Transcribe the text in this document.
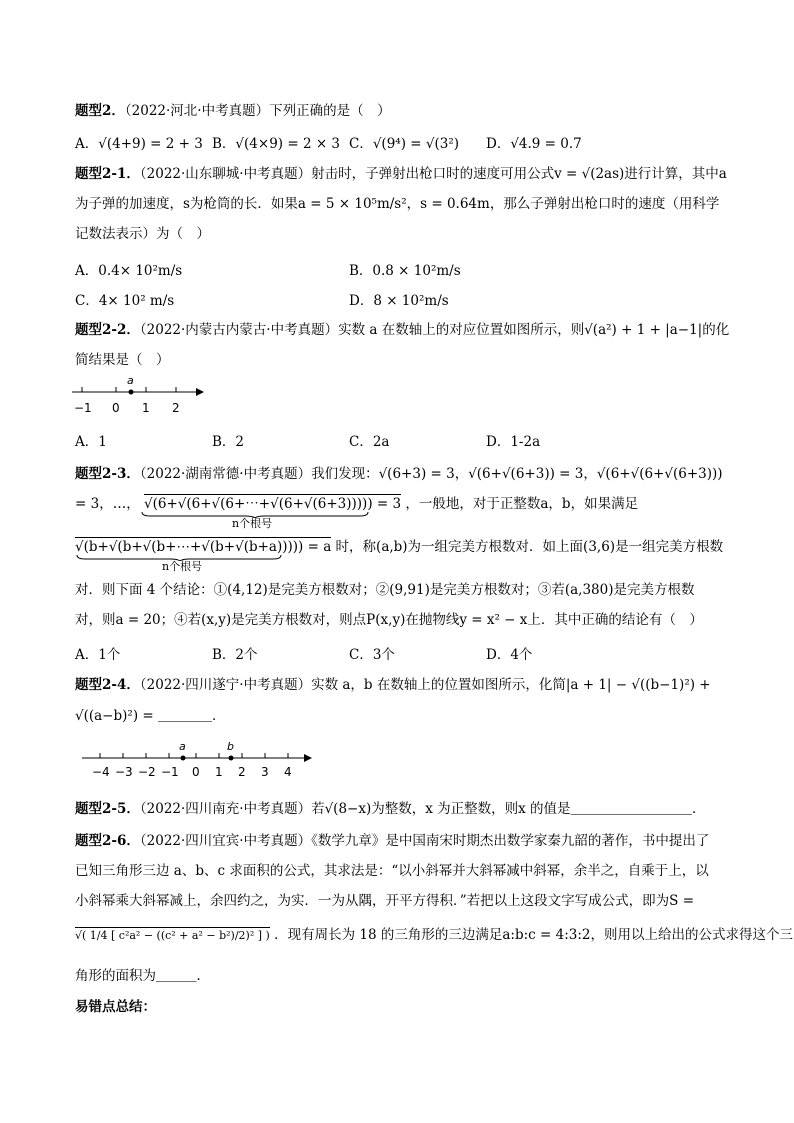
题型2．（2022·河北·中考真题）下列正确的是（　）
A．√(4+9) = 2 + 3 B．√(4×9) = 2 × 3 C．√(9⁴) = √(3²) D．√4.9 = 0.7
题型2-1．（2022·山东聊城·中考真题）射击时，子弹射出枪口时的速度可用公式v = √(2as)进行计算，其中a
为子弹的加速度，s为枪筒的长．如果a = 5 × 10⁵m/s²，s = 0.64m，那么子弹射出枪口时的速度（用科学
记数法表示）为（　）
A．0.4× 10²m/s	B．0.8 × 10²m/s
C．4× 10² m/s	D．8 × 10²m/s
题型2-2．（2022·内蒙古内蒙古·中考真题）实数 a 在数轴上的对应位置如图所示，则√(a²) + 1 + |a−1|的化
简结果是（　）
a
−1 0 1 2
A．1	B．2	C．2a	D．1-2a
题型2-3．（2022·湖南常德·中考真题）我们发现：√(6+3) = 3，√(6+√(6+3)) = 3，√(6+√(6+√(6+3)))
= 3，…， √(6+√(6+√(6+⋯+√(6+√(6+3))))) = 3 ，一般地，对于正整数a，b，如果满足
n个根号
√(b+√(b+√(b+⋯+√(b+√(b+a))))) = a 时，称(a,b)为一组完美方根数对．如上面(3,6)是一组完美方根数
n个根号
对．则下面 4 个结论：①(4,12)是完美方根数对；②(9,91)是完美方根数对；③若(a,380)是完美方根数
对，则a = 20；④若(x,y)是完美方根数对，则点P(x,y)在抛物线y = x² − x上．其中正确的结论有（　）
A．1个	B．2个	C．3个	D．4个
题型2-4．（2022·四川遂宁·中考真题）实数 a，b 在数轴上的位置如图所示，化简|a + 1| − √((b−1)²) +
√((a−b)²) = ＿＿＿＿．
a	b
−4 −3 −2 −1 0 1 2 3 4
题型2-5．（2022·四川南充·中考真题）若√(8−x)为整数，x 为正整数，则x 的值是＿＿＿＿＿＿＿＿＿．
题型2-6．（2022·四川宜宾·中考真题）《数学九章》是中国南宋时期杰出数学家秦九韶的著作，书中提出了
已知三角形三边 a、b、c 求面积的公式，其求法是：“以小斜幂并大斜幂减中斜幂，余半之，自乘于上，以
小斜幂乘大斜幂减上，余四约之，为实．一为从隅，开平方得积．”若把以上这段文字写成公式，即为S =
√( 1/4 [ c²a² − ((c² + a² − b²)/2)² ] ) ．现有周长为 18 的三角形的三边满足a:b:c = 4:3:2，则用以上给出的公式求得这个三
角形的面积为＿＿＿．
易错点总结：
